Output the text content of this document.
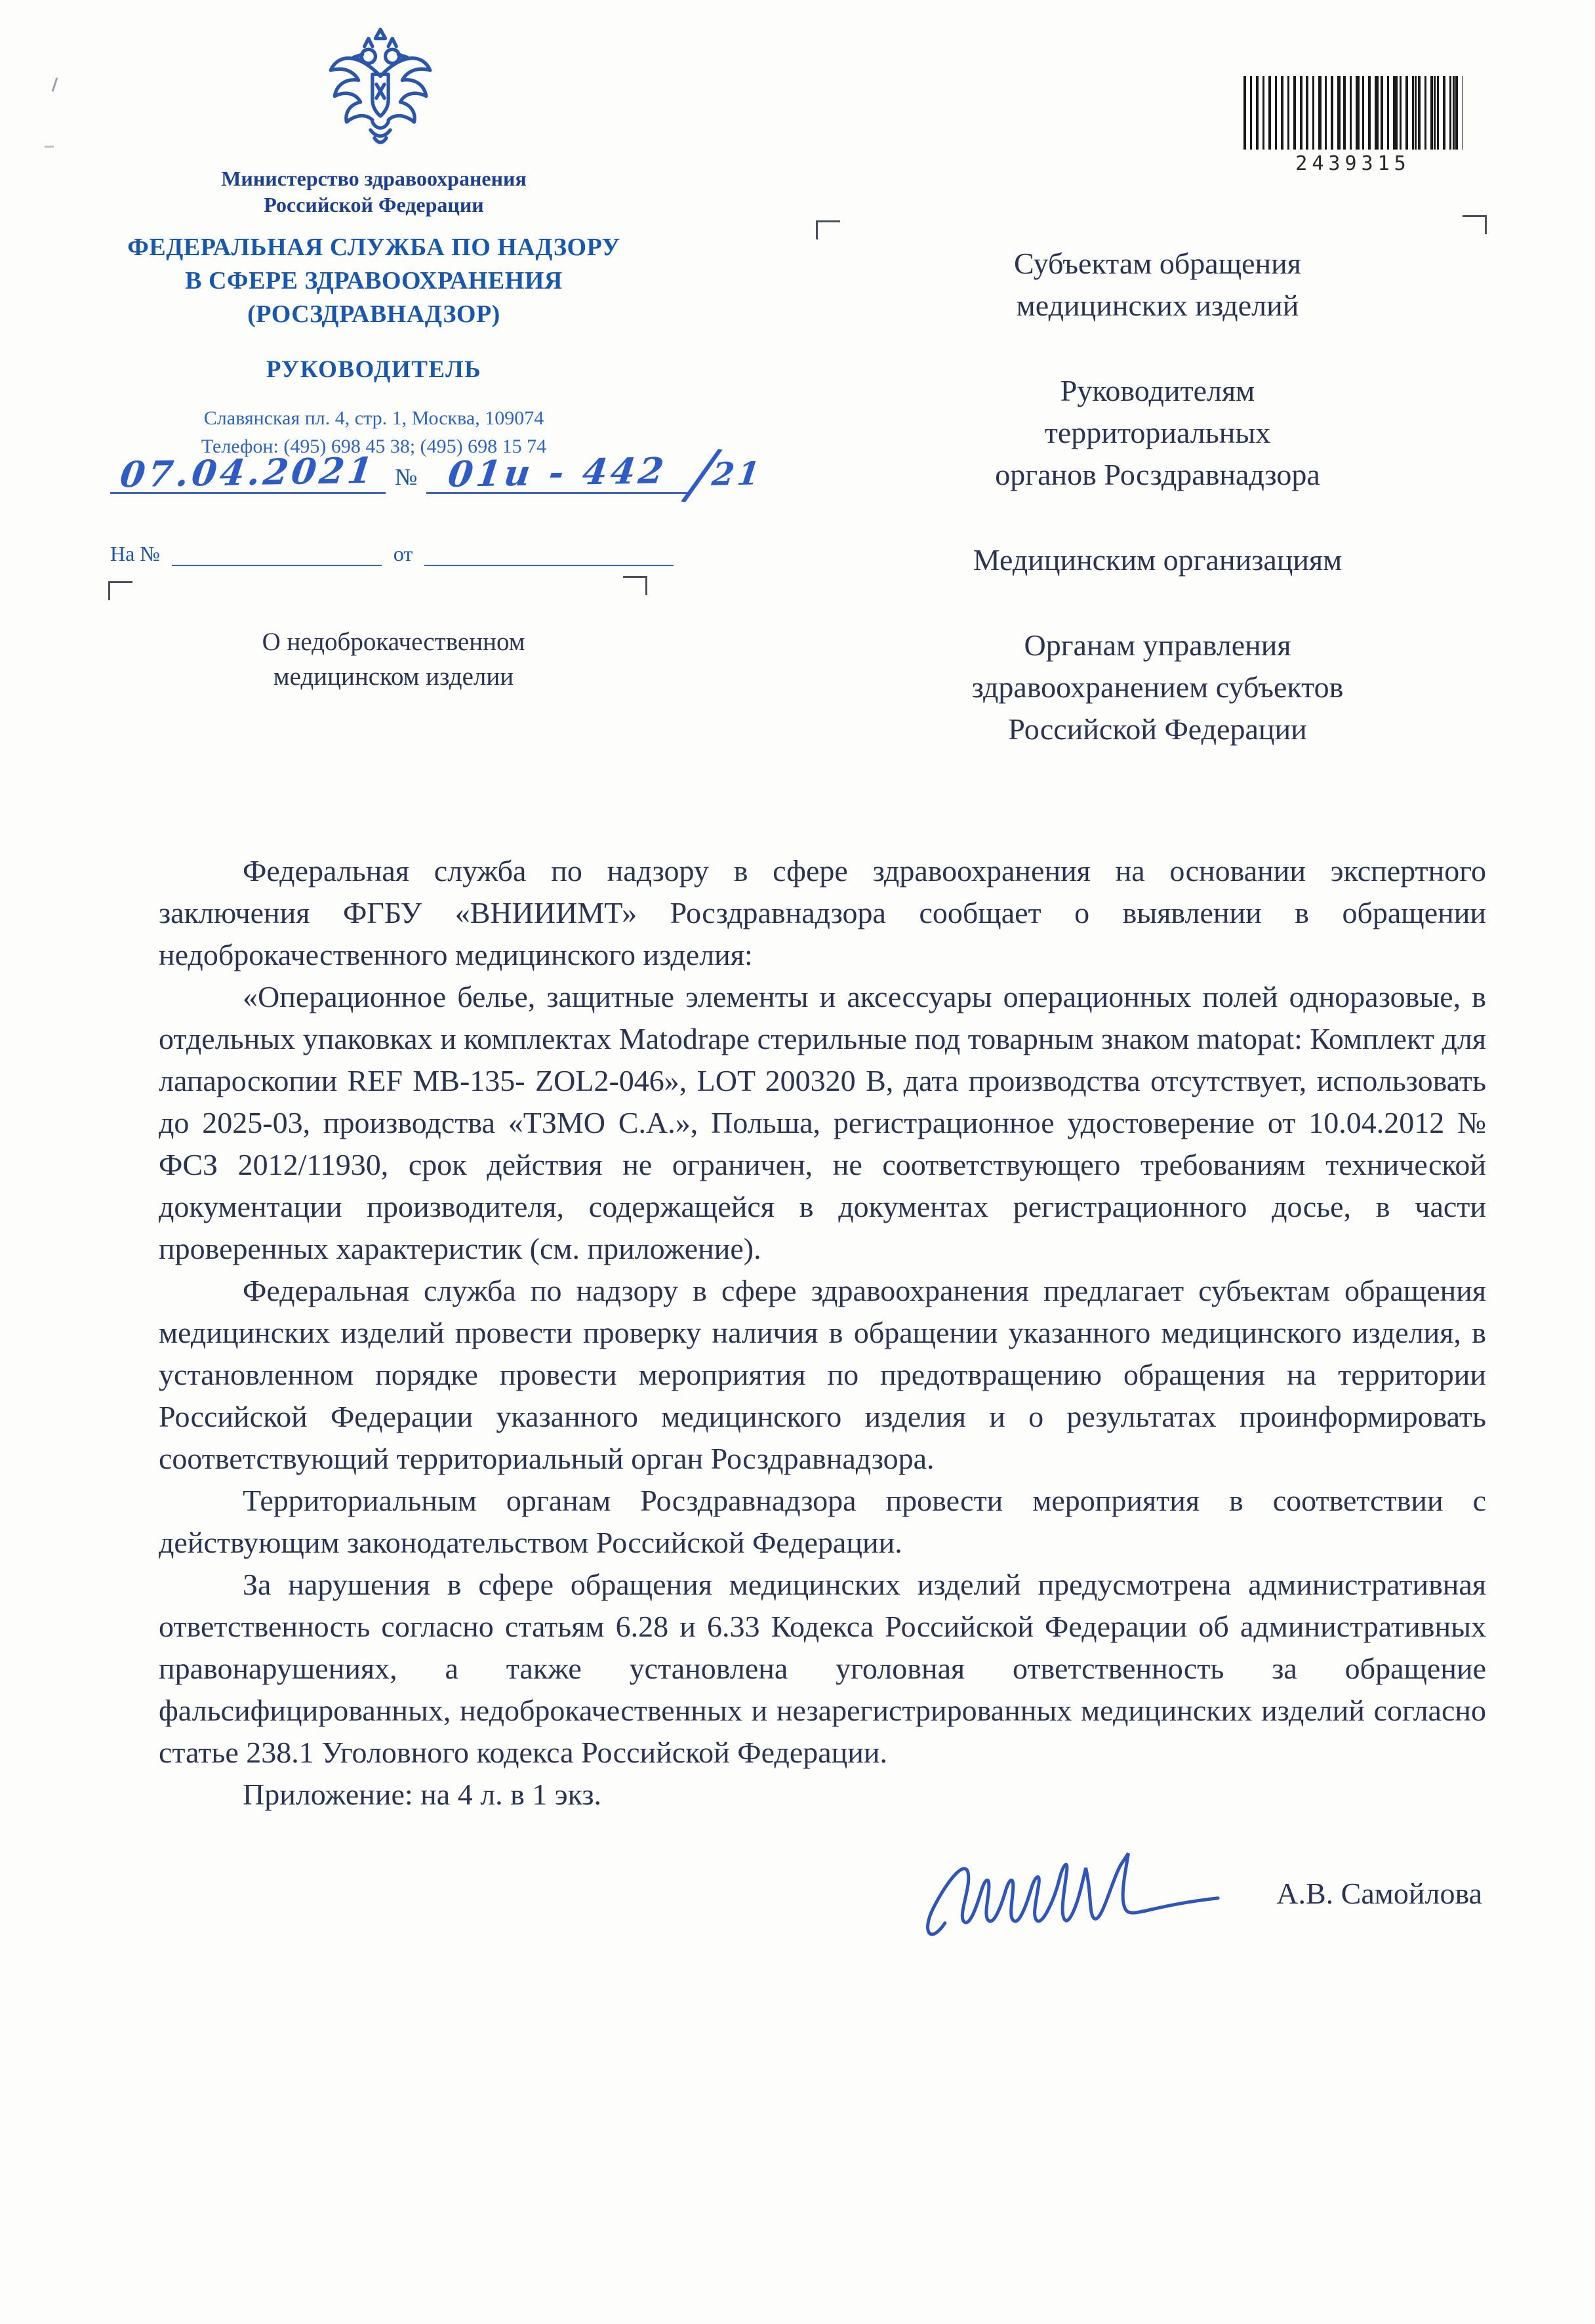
Министерство здравоохранения
Российской Федерации
ФЕДЕРАЛЬНАЯ СЛУЖБА ПО НАДЗОРУ
В СФЕРЕ ЗДРАВООХРАНЕНИЯ
(РОСЗДРАВНАДЗОР)
РУКОВОДИТЕЛЬ
Славянская пл. 4, стр. 1, Москва, 109074
Телефон: (495) 698 45 38; (495) 698 15 74
07.04.2021 № 01и - 442 /21
На №	от
О недоброкачественном
медицинском изделии
2439315
Субъектам обращения
медицинских изделий
Руководителям
территориальных
органов Росздравнадзора
Медицинским организациям
Органам управления
здравоохранением субъектов
Российской Федерации

Федеральная служба по надзору в сфере здравоохранения на основании экспертного заключения ФГБУ «ВНИИИМТ» Росздравнадзора сообщает о выявлении в обращении недоброкачественного медицинского изделия:

«Операционное белье, защитные элементы и аксессуары операционных полей одноразовые, в отдельных упаковках и комплектах Matodrape стерильные под товарным знаком matopat: Комплект для лапароскопии REF MB-135- ZOL2-046», LOT 200320 B, дата производства отсутствует, использовать до 2025-03, производства «ТЗМО С.А.», Польша, регистрационное удостоверение от 10.04.2012 № ФСЗ 2012/11930, срок действия не ограничен, не соответствующего требованиям технической документации производителя, содержащейся в документах регистрационного досье, в части проверенных характеристик (см. приложение).

Федеральная служба по надзору в сфере здравоохранения предлагает субъектам обращения медицинских изделий провести проверку наличия в обращении указанного медицинского изделия, в установленном порядке провести мероприятия по предотвращению обращения на территории Российской Федерации указанного медицинского изделия и о результатах проинформировать соответствующий территориальный орган Росздравнадзора.

Территориальным органам Росздравнадзора провести мероприятия в соответствии с действующим законодательством Российской Федерации.

За нарушения в сфере обращения медицинских изделий предусмотрена административная ответственность согласно статьям 6.28 и 6.33 Кодекса Российской Федерации об административных правонарушениях, а также установлена уголовная ответственность за обращение фальсифицированных, недоброкачественных и незарегистрированных медицинских изделий согласно статье 238.1 Уголовного кодекса Российской Федерации.

Приложение: на 4 л. в 1 экз.

А.В. Самойлова
